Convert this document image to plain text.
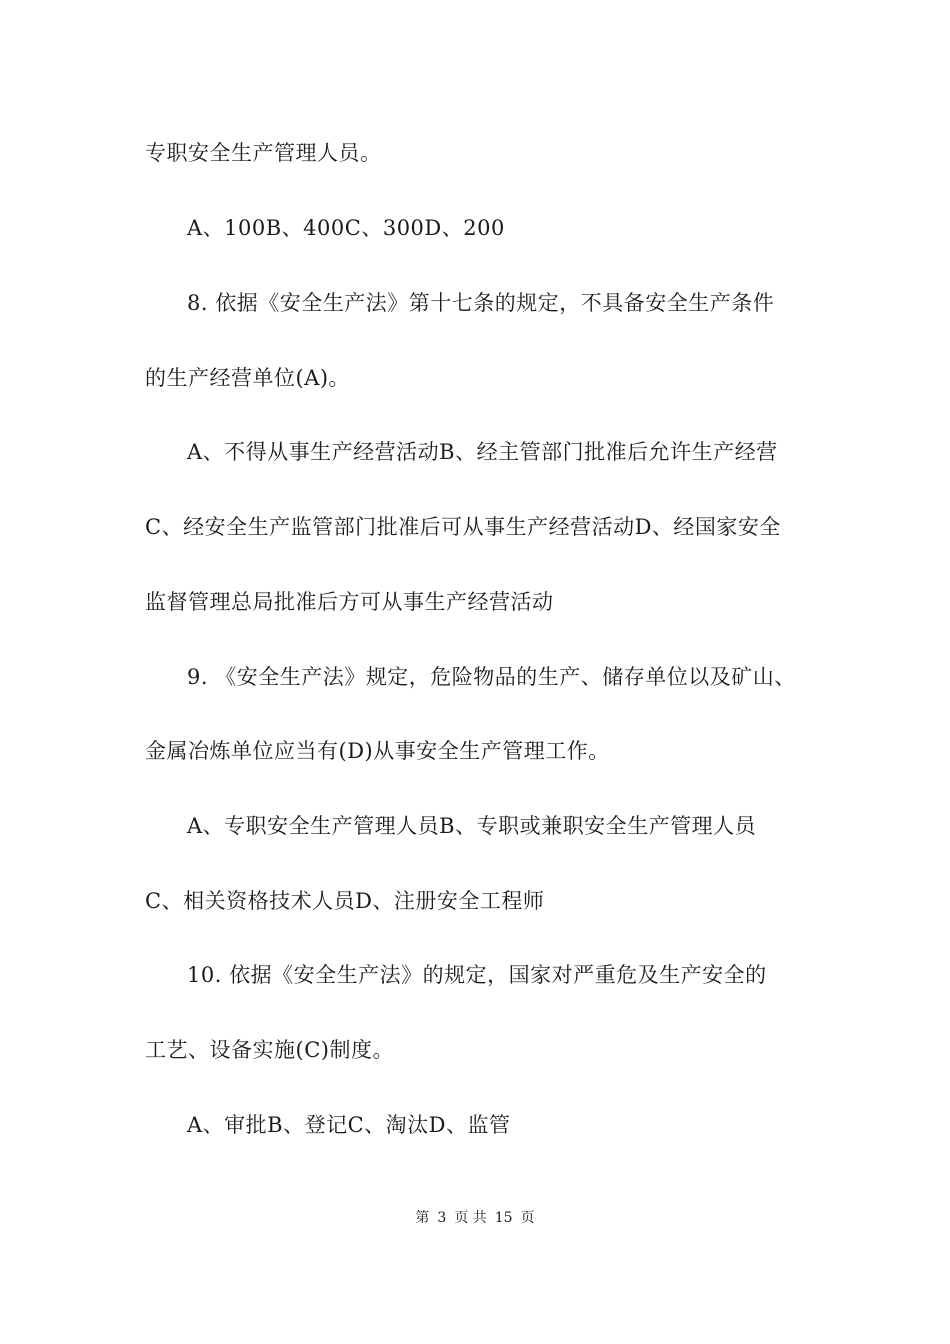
专职安全生产管理人员。
A、100B、400C、300D、200
8. 依据《安全生产法》第十七条的规定，不具备安全生产条件
的生产经营单位(A)。
A、不得从事生产经营活动B、经主管部门批准后允许生产经营
C、经安全生产监管部门批准后可从事生产经营活动D、经国家安全
监督管理总局批准后方可从事生产经营活动
9. 《安全生产法》规定，危险物品的生产、储存单位以及矿山、
金属冶炼单位应当有(D)从事安全生产管理工作。
A、专职安全生产管理人员B、专职或兼职安全生产管理人员
C、相关资格技术人员D、注册安全工程师
10. 依据《安全生产法》的规定，国家对严重危及生产安全的
工艺、设备实施(C)制度。
A、审批B、登记C、淘汰D、监管
第 3 页 共 15 页
